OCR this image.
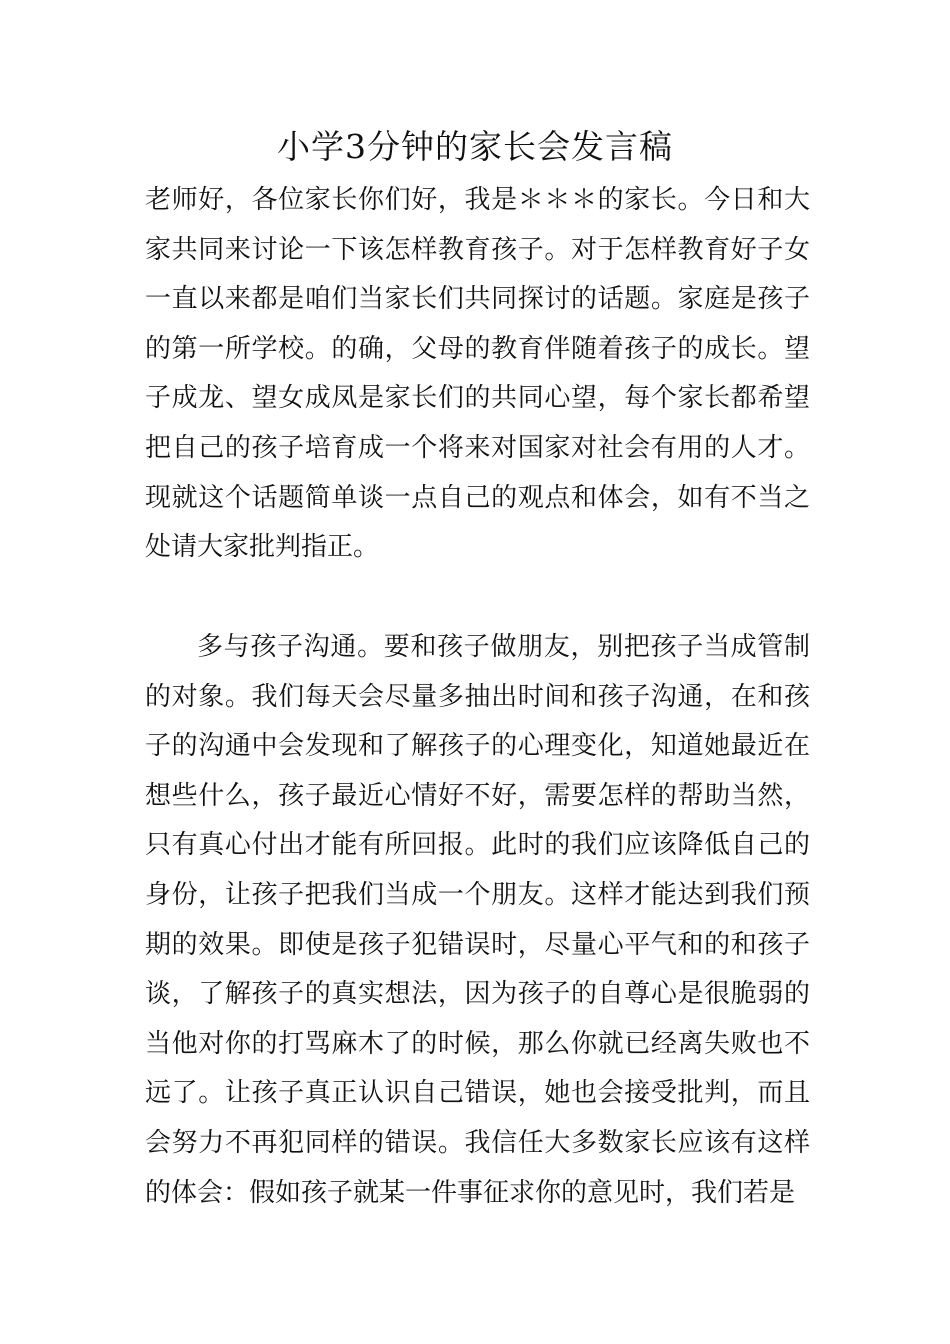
小学3分钟的家长会发言稿

老师好，各位家长你们好，我是＊＊＊的家长。今日和大家共同来讨论一下该怎样教育孩子。对于怎样教育好子女一直以来都是咱们当家长们共同探讨的话题。家庭是孩子的第一所学校。的确，父母的教育伴随着孩子的成长。望子成龙、望女成凤是家长们的共同心望，每个家长都希望把自己的孩子培育成一个将来对国家对社会有用的人才。现就这个话题简单谈一点自己的观点和体会，如有不当之处请大家批判指正。

多与孩子沟通。要和孩子做朋友，别把孩子当成管制的对象。我们每天会尽量多抽出时间和孩子沟通，在和孩子的沟通中会发现和了解孩子的心理变化，知道她最近在想些什么，孩子最近心情好不好，需要怎样的帮助当然，只有真心付出才能有所回报。此时的我们应该降低自己的身份，让孩子把我们当成一个朋友。这样才能达到我们预期的效果。即使是孩子犯错误时，尽量心平气和的和孩子谈，了解孩子的真实想法，因为孩子的自尊心是很脆弱的当他对你的打骂麻木了的时候，那么你就已经离失败也不远了。让孩子真正认识自己错误，她也会接受批判，而且会努力不再犯同样的错误。我信任大多数家长应该有这样的体会：假如孩子就某一件事征求你的意见时，我们若是
